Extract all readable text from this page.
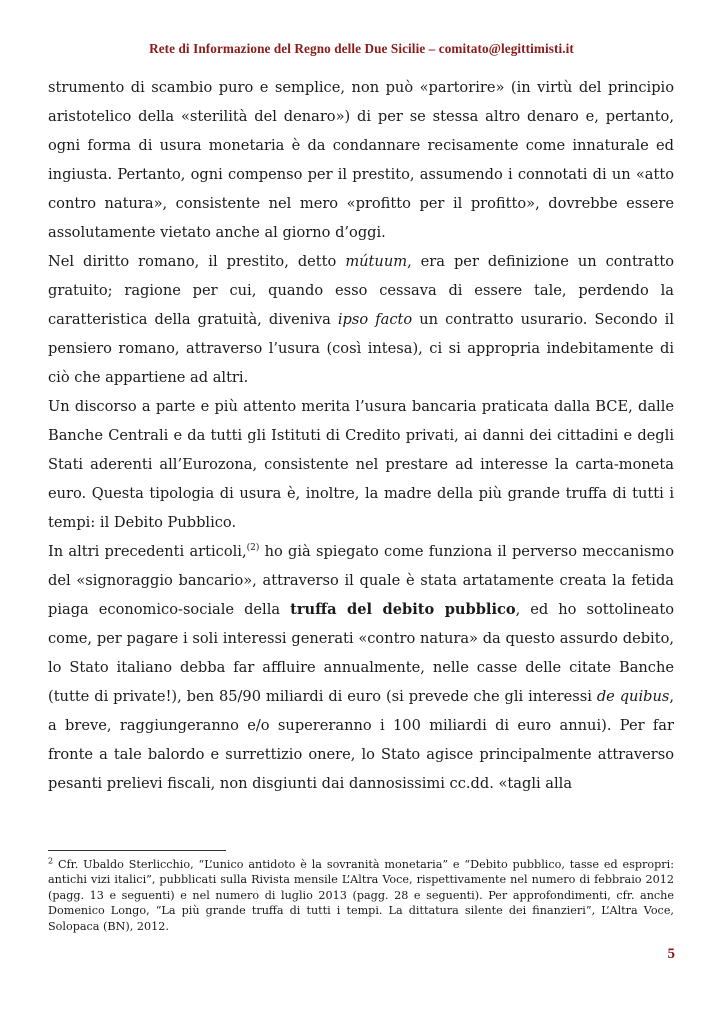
Rete di Informazione del Regno delle Due Sicilie – comitato@legittimisti.it

strumento di scambio puro e semplice, non può «partorire» (in virtù del principio aristotelico della «sterilità del denaro») di per se stessa altro denaro e, pertanto, ogni forma di usura monetaria è da condannare recisamente come innaturale ed ingiusta. Pertanto, ogni compenso per il prestito, assumendo i connotati di un «atto contro natura», consistente nel mero «profitto per il profitto», dovrebbe essere assolutamente vietato anche al giorno d’oggi.

Nel diritto romano, il prestito, detto mútuum, era per definizione un contratto gratuito; ragione per cui, quando esso cessava di essere tale, perdendo la caratteristica della gratuità, diveniva ipso facto un contratto usurario. Secondo il pensiero romano, attraverso l’usura (così intesa), ci si appropria indebitamente di ciò che appartiene ad altri.

Un discorso a parte e più attento merita l’usura bancaria praticata dalla BCE, dalle Banche Centrali e da tutti gli Istituti di Credito privati, ai danni dei cittadini e degli Stati aderenti all’Eurozona, consistente nel prestare ad interesse la carta-moneta euro. Questa tipologia di usura è, inoltre, la madre della più grande truffa di tutti i tempi: il Debito Pubblico.

In altri precedenti articoli,$^{(2)}$ ho già spiegato come funziona il perverso meccanismo del «signoraggio bancario», attraverso il quale è stata artatamente creata la fetida piaga economico-sociale della truffa del debito pubblico, ed ho sottolineato come, per pagare i soli interessi generati «contro natura» da questo assurdo debito, lo Stato italiano debba far affluire annualmente, nelle casse delle citate Banche (tutte di private!), ben 85/90 miliardi di euro (si prevede che gli interessi de quibus, a breve, raggiungeranno e/o supereranno i 100 miliardi di euro annui). Per far fronte a tale balordo e surrettizio onere, lo Stato agisce principalmente attraverso pesanti prelievi fiscali, non disgiunti dai dannosissimi cc.dd. «tagli alla

$^2$ Cfr. Ubaldo Sterlicchio, “L’unico antidoto è la sovranità monetaria” e “Debito pubblico, tasse ed espropri: antichi vizi italici”, pubblicati sulla Rivista mensile L’Altra Voce, rispettivamente nel numero di febbraio 2012 (pagg. 13 e seguenti) e nel numero di luglio 2013 (pagg. 28 e seguenti). Per approfondimenti, cfr. anche Domenico Longo, “La più grande truffa di tutti i tempi. La dittatura silente dei finanzieri”, L’Altra Voce, Solopaca (BN), 2012.
5
